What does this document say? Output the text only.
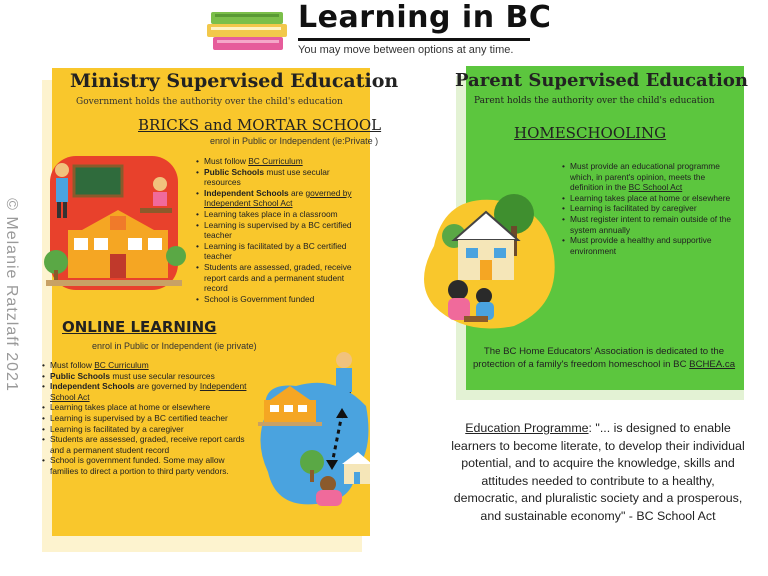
Learning in BC
You may move between options at any time.
© Melanie Ratzlaff 2021
Ministry Supervised Education
Government holds the authority over the child's education
BRICKS and MORTAR SCHOOL
enrol in Public or Independent (ie:Private )
• Must follow BC Curriculum
• Public Schools must use secular resources
• Independent Schools are governed by Independent School Act
• Learning takes place in a classroom
• Learning is supervised by a BC certified teacher
• Learning is facilitated by a BC certified teacher
• Students are assessed, graded, receive report cards and a permanent student record
• School is Government funded
ONLINE LEARNING
enrol in Public or Independent (ie private)
• Must follow BC Curriculum
• Public Schools must use secular resources
• Independent Schools are governed by Independent School Act
• Learning takes place at home or elsewhere
• Learning is supervised by a BC certified teacher
• Learning is facilitated by a caregiver
• Students are assessed, graded, receive report cards and a permanent student record
• School is government funded. Some may allow families to direct a portion to third party vendors.
Parent Supervised Education
Parent holds the authority over the child's education
HOMESCHOOLING
• Must provide an educational programme which, in parent's opinion, meets the definition in the BC School Act
• Learning takes place at home or elsewhere
• Learning is facilitated by caregiver
• Must register intent to remain outside of the system annually
• Must provide a healthy and supportive environment
The BC Home Educators' Association is dedicated to the protection of a family's freedom homeschool in BC BCHEA.ca
Education Programme: "... is designed to enable learners to become literate, to develop their individual potential, and to acquire the knowledge, skills and attitudes needed to contribute to a healthy, democratic, and pluralistic society and a prosperous, and sustainable economy" - BC School Act
